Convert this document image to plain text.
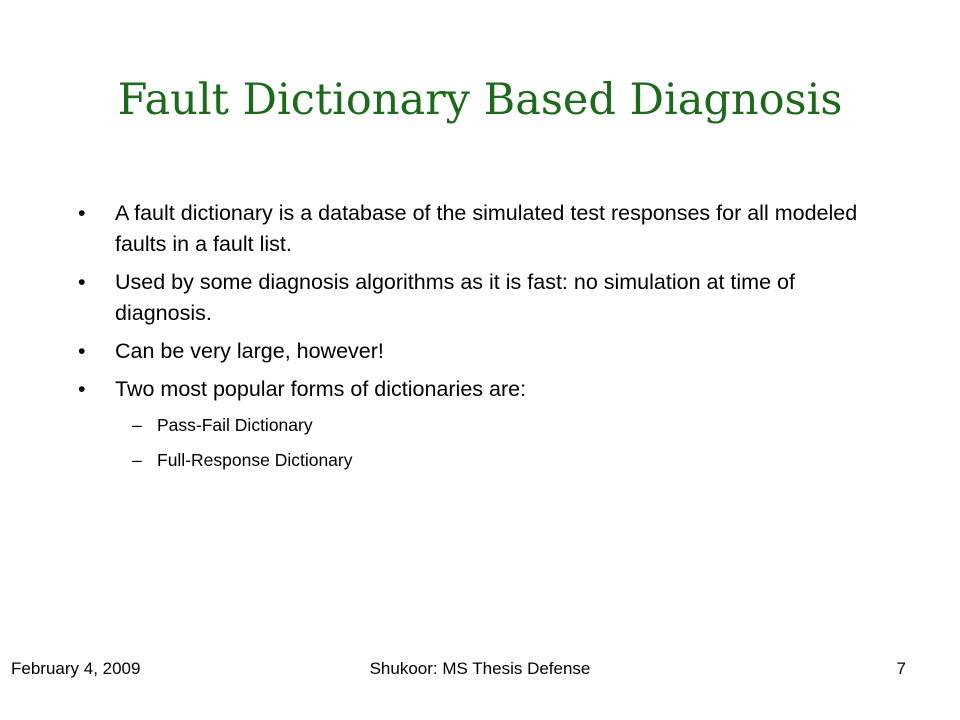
Fault Dictionary Based Diagnosis
•	A fault dictionary is a database of the simulated test responses for all modeled faults in a fault list.
•	Used by some diagnosis algorithms as it is fast: no simulation at time of diagnosis.
•	Can be very large, however!
•	Two most popular forms of dictionaries are:
– Pass-Fail Dictionary
– Full-Response Dictionary
February 4, 2009	Shukoor: MS Thesis Defense	7
